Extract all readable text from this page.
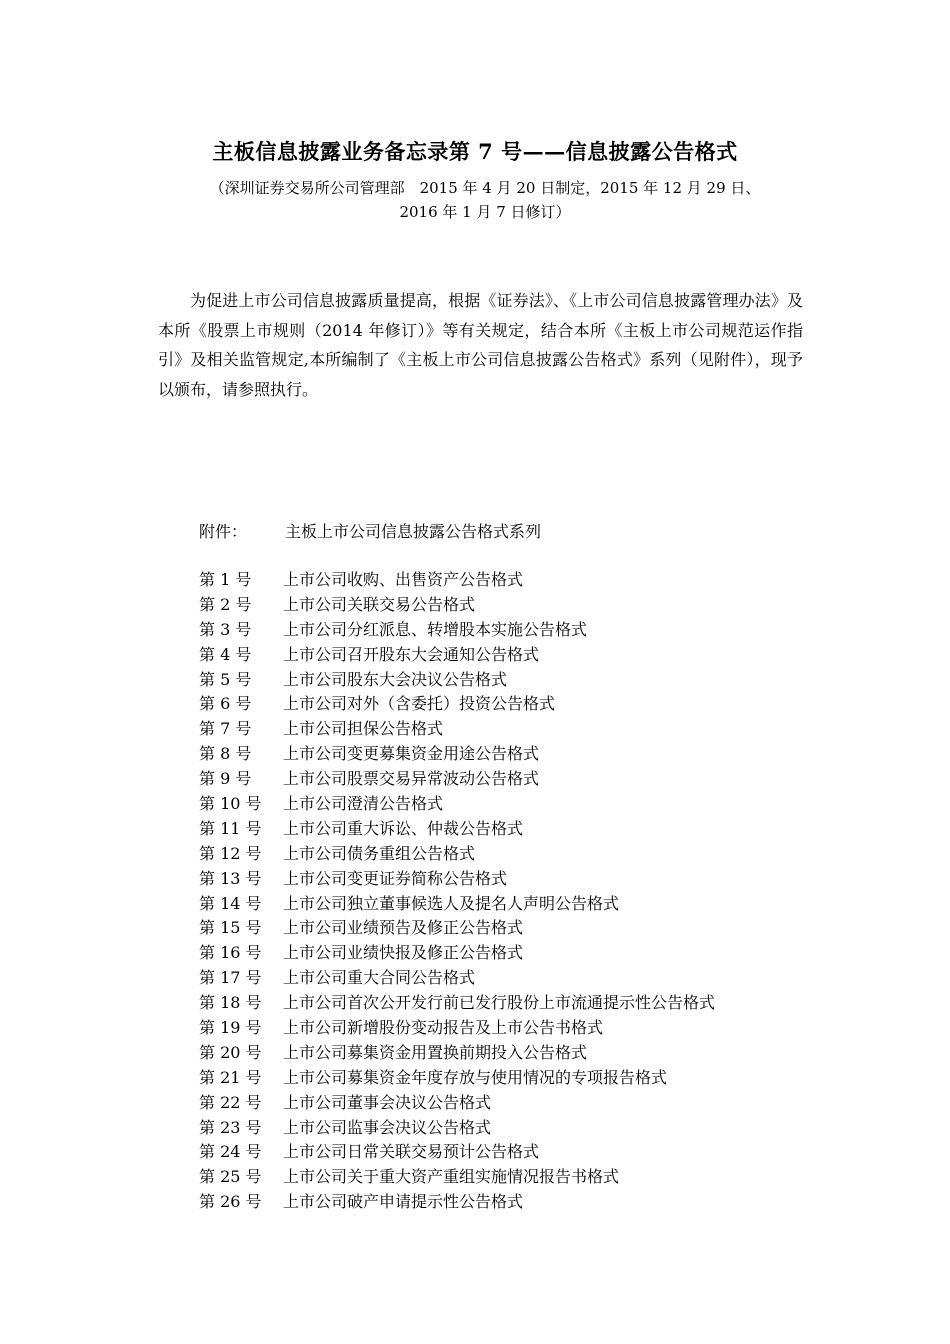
主板信息披露业务备忘录第 7 号——信息披露公告格式
（深圳证券交易所公司管理部　2015 年 4 月 20 日制定，2015 年 12 月 29 日、
2016 年 1 月 7 日修订）
为促进上市公司信息披露质量提高，根据《证券法》、《上市公司信息披露管理办法》及本所《股票上市规则（2014 年修订）》等有关规定，结合本所《主板上市公司规范运作指引》及相关监管规定,本所编制了《主板上市公司信息披露公告格式》系列（见附件），现予以颁布，请参照执行。
附件： 主板上市公司信息披露公告格式系列
第 1 号 上市公司收购、出售资产公告格式
第 2 号 上市公司关联交易公告格式
第 3 号 上市公司分红派息、转增股本实施公告格式
第 4 号 上市公司召开股东大会通知公告格式
第 5 号 上市公司股东大会决议公告格式
第 6 号 上市公司对外（含委托）投资公告格式
第 7 号 上市公司担保公告格式
第 8 号 上市公司变更募集资金用途公告格式
第 9 号 上市公司股票交易异常波动公告格式
第 10 号 上市公司澄清公告格式
第 11 号 上市公司重大诉讼、仲裁公告格式
第 12 号 上市公司债务重组公告格式
第 13 号 上市公司变更证券简称公告格式
第 14 号 上市公司独立董事候选人及提名人声明公告格式
第 15 号 上市公司业绩预告及修正公告格式
第 16 号 上市公司业绩快报及修正公告格式
第 17 号 上市公司重大合同公告格式
第 18 号 上市公司首次公开发行前已发行股份上市流通提示性公告格式
第 19 号 上市公司新增股份变动报告及上市公告书格式
第 20 号 上市公司募集资金用置换前期投入公告格式
第 21 号 上市公司募集资金年度存放与使用情况的专项报告格式
第 22 号 上市公司董事会决议公告格式
第 23 号 上市公司监事会决议公告格式
第 24 号 上市公司日常关联交易预计公告格式
第 25 号 上市公司关于重大资产重组实施情况报告书格式
第 26 号 上市公司破产申请提示性公告格式
